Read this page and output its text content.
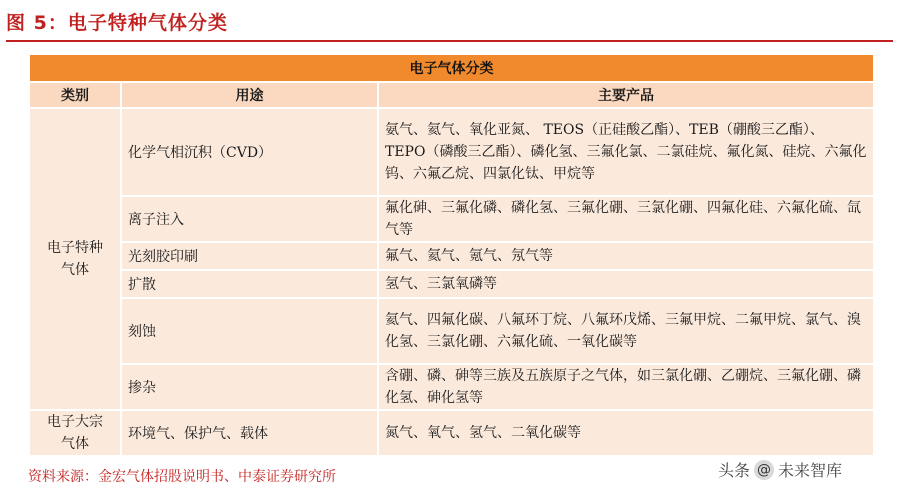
图 5：电子特种气体分类
电子气体分类		
类别	用途	主要产品

电子特种气体	化学气相沉积（CVD）	氨气、氦气、氧化亚氮、 TEOS（正硅酸乙酯）、TEB（硼酸三乙酯）、 TEPO（磷酸三乙酯）、磷化氢、三氟化氯、二氯硅烷、氟化氮、硅烷、六氟化钨、六氟乙烷、四氯化钛、甲烷等
	离子注入	氟化砷、三氟化磷、磷化氢、三氟化硼、三氯化硼、四氟化硅、六氟化硫、氙气等
	光刻胶印刷	氟气、氦气、氪气、氖气等
	扩散	氢气、三氯氧磷等
	刻蚀	氦气、四氟化碳、八氟环丁烷、八氟环戊烯、三氟甲烷、二氟甲烷、氯气、溴化氢、三氯化硼、六氟化硫、一氧化碳等
	掺杂	含硼、磷、砷等三族及五族原子之气体，如三氯化硼、乙硼烷、三氟化硼、磷化氢、砷化氢等

电子大宗气体	环境气、保护气、载体	氮气、氧气、氢气、二氧化碳等
资料来源：金宏气体招股说明书、中泰证券研究所	头条 @ 未来智库
